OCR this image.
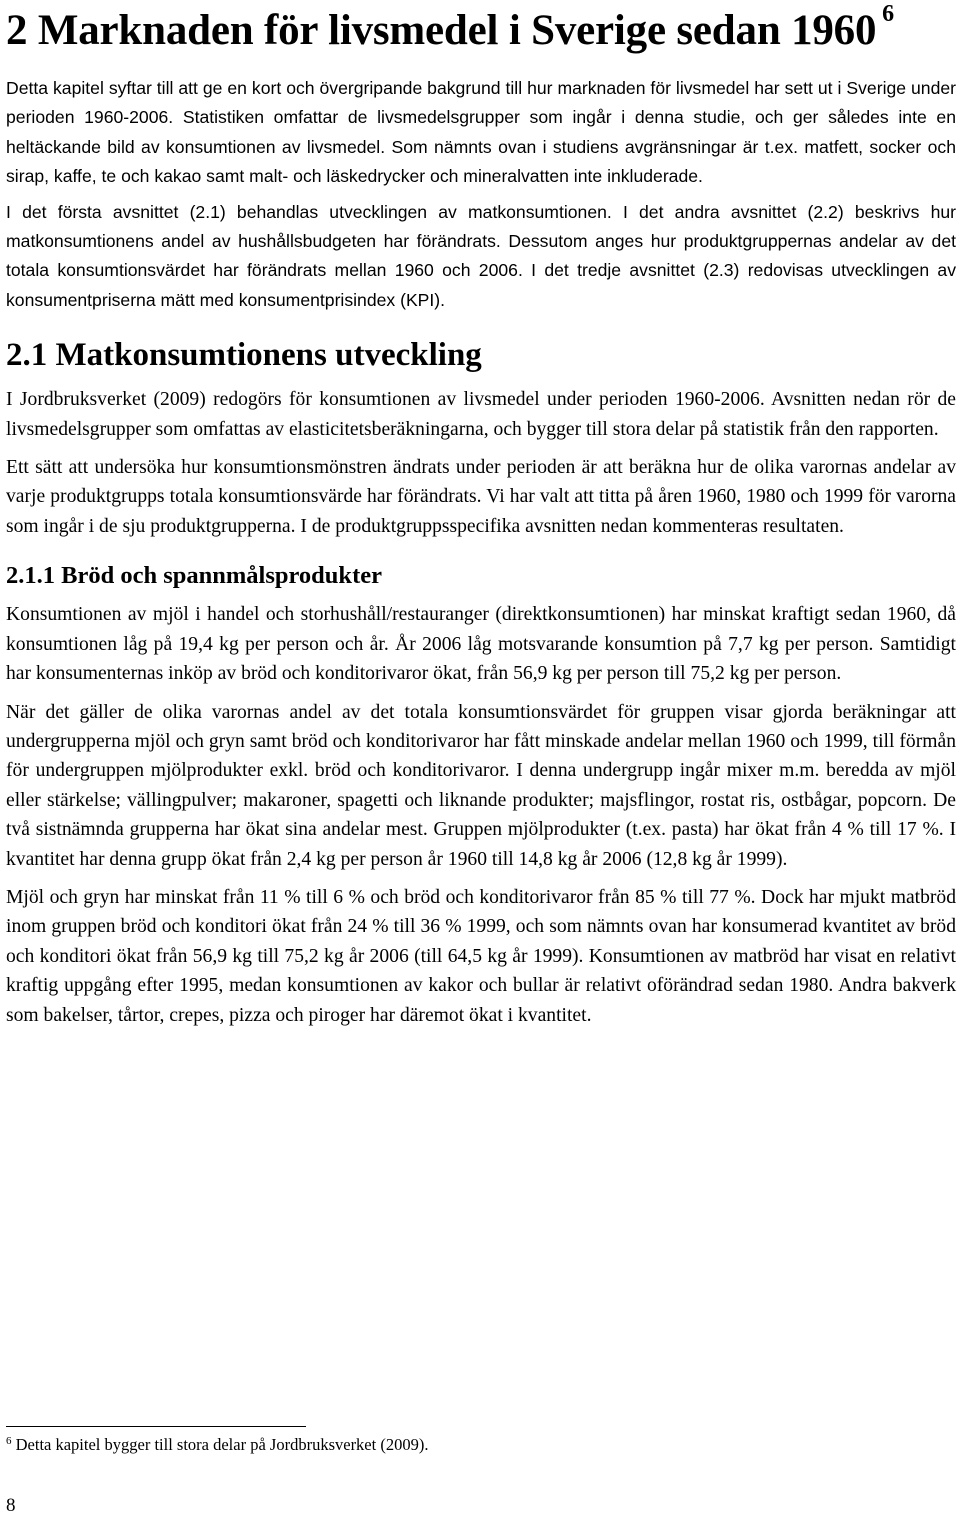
2 Marknaden för livsmedel i Sverige sedan 1960 $^6$

Detta kapitel syftar till att ge en kort och övergripande bakgrund till hur marknaden för livsmedel har sett ut i Sverige under perioden 1960-2006. Statistiken omfattar de livsmedelsgrupper som ingår i denna studie, och ger således inte en heltäckande bild av konsumtionen av livsmedel. Som nämnts ovan i studiens avgränsningar är t.ex. matfett, socker och sirap, kaffe, te och kakao samt malt- och läskedrycker och mineralvatten inte inkluderade.

I det första avsnittet (2.1) behandlas utvecklingen av matkonsumtionen. I det andra avsnittet (2.2) beskrivs hur matkonsumtionens andel av hushållsbudgeten har förändrats. Dessutom anges hur produktgruppernas andelar av det totala konsumtionsvärdet har förändrats mellan 1960 och 2006. I det tredje avsnittet (2.3) redovisas utvecklingen av konsumentpriserna mätt med konsumentprisindex (KPI).

2.1 Matkonsumtionens utveckling

I Jordbruksverket (2009) redogörs för konsumtionen av livsmedel under perioden 1960-2006. Avsnitten nedan rör de livsmedelsgrupper som omfattas av elasticitetsberäkningarna, och bygger till stora delar på statistik från den rapporten.

Ett sätt att undersöka hur konsumtionsmönstren ändrats under perioden är att beräkna hur de olika varornas andelar av varje produktgrupps totala konsumtionsvärde har förändrats. Vi har valt att titta på åren 1960, 1980 och 1999 för varorna som ingår i de sju produktgrupperna. I de produktgruppsspecifika avsnitten nedan kommenteras resultaten.

2.1.1 Bröd och spannmålsprodukter

Konsumtionen av mjöl i handel och storhushåll/restauranger (direktkonsumtionen) har minskat kraftigt sedan 1960, då konsumtionen låg på 19,4 kg per person och år. År 2006 låg motsvarande konsumtion på 7,7 kg per person. Samtidigt har konsumenternas inköp av bröd och konditorivaror ökat, från 56,9 kg per person till 75,2 kg per person.

När det gäller de olika varornas andel av det totala konsumtionsvärdet för gruppen visar gjorda beräkningar att undergrupperna mjöl och gryn samt bröd och konditorivaror har fått minskade andelar mellan 1960 och 1999, till förmån för undergruppen mjölprodukter exkl. bröd och konditorivaror. I denna undergrupp ingår mixer m.m. beredda av mjöl eller stärkelse; vällingpulver; makaroner, spagetti och liknande produkter; majsflingor, rostat ris, ostbågar, popcorn. De två sistnämnda grupperna har ökat sina andelar mest. Gruppen mjölprodukter (t.ex. pasta) har ökat från 4 % till 17 %. I kvantitet har denna grupp ökat från 2,4 kg per person år 1960 till 14,8 kg år 2006 (12,8 kg år 1999).

Mjöl och gryn har minskat från 11 % till 6 % och bröd och konditorivaror från 85 % till 77 %. Dock har mjukt matbröd inom gruppen bröd och konditori ökat från 24 % till 36 % 1999, och som nämnts ovan har konsumerad kvantitet av bröd och konditori ökat från 56,9 kg till 75,2 kg år 2006 (till 64,5 kg år 1999). Konsumtionen av matbröd har visat en relativt kraftig uppgång efter 1995, medan konsumtionen av kakor och bullar är relativt oförändrad sedan 1980. Andra bakverk som bakelser, tårtor, crepes, pizza och piroger har däremot ökat i kvantitet.

$^6$ Detta kapitel bygger till stora delar på Jordbruksverket (2009).
8
